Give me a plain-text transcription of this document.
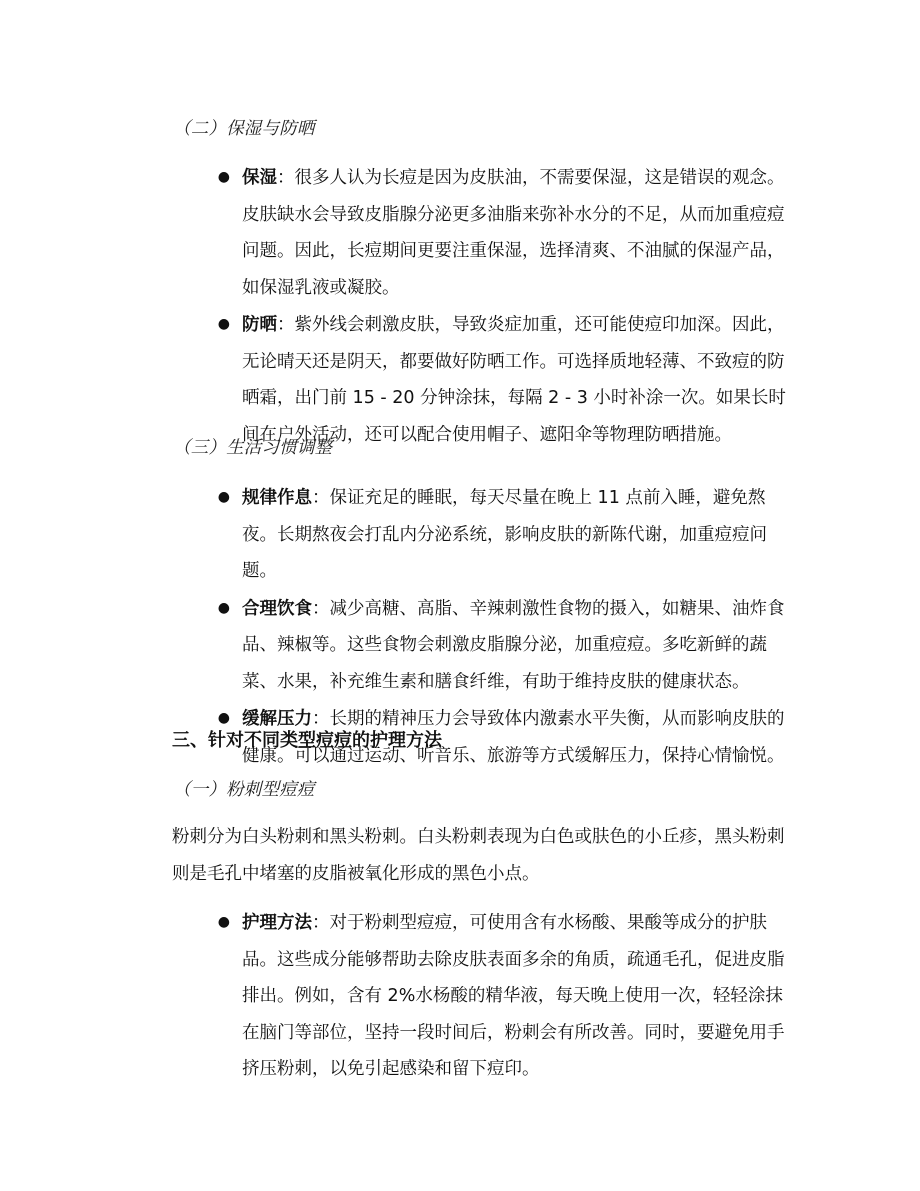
（二）保湿与防晒

● 保湿：很多人认为长痘是因为皮肤油，不需要保湿，这是错误的观念。皮肤缺水会导致皮脂腺分泌更多油脂来弥补水分的不足，从而加重痘痘问题。因此，长痘期间更要注重保湿，选择清爽、不油腻的保湿产品，如保湿乳液或凝胶。

● 防晒：紫外线会刺激皮肤，导致炎症加重，还可能使痘印加深。因此，无论晴天还是阴天，都要做好防晒工作。可选择质地轻薄、不致痘的防晒霜，出门前 15 - 20 分钟涂抹，每隔 2 - 3 小时补涂一次。如果长时间在户外活动，还可以配合使用帽子、遮阳伞等物理防晒措施。

（三）生活习惯调整

● 规律作息：保证充足的睡眠，每天尽量在晚上 11 点前入睡，避免熬夜。长期熬夜会打乱内分泌系统，影响皮肤的新陈代谢，加重痘痘问题。

● 合理饮食：减少高糖、高脂、辛辣刺激性食物的摄入，如糖果、油炸食品、辣椒等。这些食物会刺激皮脂腺分泌，加重痘痘。多吃新鲜的蔬菜、水果，补充维生素和膳食纤维，有助于维持皮肤的健康状态。

● 缓解压力：长期的精神压力会导致体内激素水平失衡，从而影响皮肤的健康。可以通过运动、听音乐、旅游等方式缓解压力，保持心情愉悦。

三、针对不同类型痘痘的护理方法
（一）粉刺型痘痘

粉刺分为白头粉刺和黑头粉刺。白头粉刺表现为白色或肤色的小丘疹，黑头粉刺则是毛孔中堵塞的皮脂被氧化形成的黑色小点。

● 护理方法：对于粉刺型痘痘，可使用含有水杨酸、果酸等成分的护肤品。这些成分能够帮助去除皮肤表面多余的角质，疏通毛孔，促进皮脂排出。例如，含有 2%水杨酸的精华液，每天晚上使用一次，轻轻涂抹在脑门等部位，坚持一段时间后，粉刺会有所改善。同时，要避免用手挤压粉刺，以免引起感染和留下痘印。
